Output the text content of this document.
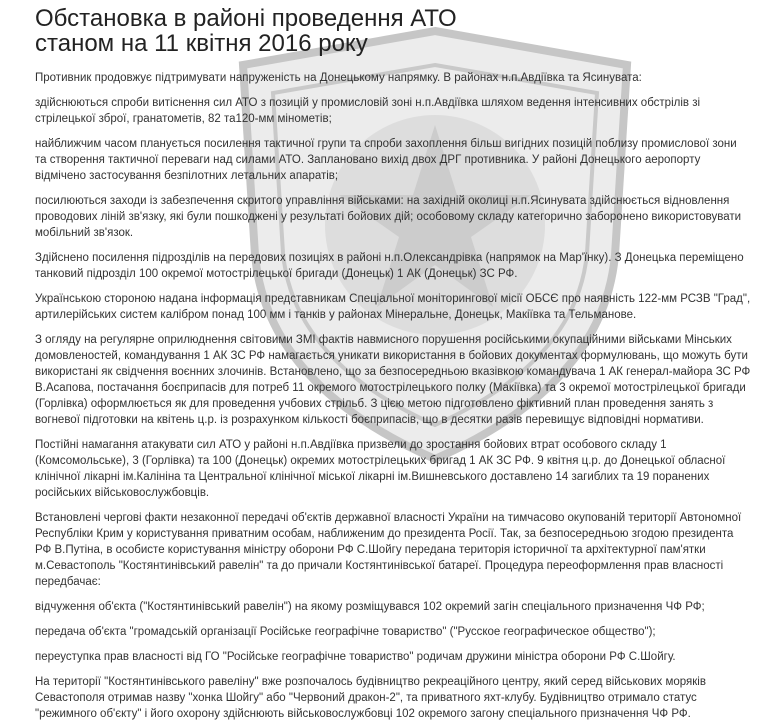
Обстановка в районі проведення АТО
станом на 11 квітня 2016 року

Противник продовжує підтримувати напруженість на Донецькому напрямку. В районах н.п.Авдіївка та Ясинувата:

здійснюються спроби витіснення сил АТО з позицій у промисловій зоні н.п.Авдіївка шляхом ведення інтенсивних обстрілів зі стрілецької зброї, гранатометів, 82 та120-мм мінометів;

найближчим часом планується посилення тактичної групи та спроби захоплення більш вигідних позицій поблизу промислової зони та створення тактичної переваги над силами АТО. Заплановано вихід двох ДРГ противника. У районі Донецького аеропорту відмічено застосування безпілотних летальних апаратів;

посилюються заходи із забезпечення скритого управління військами: на західній околиці н.п.Ясинувата здійснюється відновлення проводових ліній зв'язку, які були пошкоджені у результаті бойових дій; особовому складу категорично заборонено використовувати мобільний зв'язок.

Здійснено посилення підрозділів на передових позиціях в районі н.п.Олександрівка (напрямок на Мар'їнку). З Донецька переміщено танковий підрозділ 100 окремої мотострілецької бригади (Донецьк) 1 АК (Донецьк) ЗС РФ.

Українською стороною надана інформація представникам Спеціальної моніторингової місії ОБСЄ про наявність 122-мм РСЗВ "Град", артилерійських систем калібром понад 100 мм і танків у районах Мінеральне, Донецьк, Макіївка та Тельманове.

З огляду на регулярне оприлюднення світовими ЗМІ фактів навмисного порушення російськими окупаційними військами Мінських домовленостей, командування 1 АК ЗС РФ намагається уникати використання в бойових документах формулювань, що можуть бути використані як свідчення воєнних злочинів. Встановлено, що за безпосередньою вказівкою командувача 1 АК генерал-майора ЗС РФ В.Асапова, постачання боєприпасів для потреб 11 окремого мотострілецького полку (Макіївка) та 3 окремої мотострілецької бригади (Горлівка) оформлюється як для проведення учбових стрільб. З цією метою підготовлено фіктивний план проведення занять з вогневої підготовки на квітень ц.р. із розрахунком кількості боєприпасів, що в десятки разів перевищує відповідні нормативи.

Постійні намагання атакувати сил АТО у районі н.п.Авдіївка призвели до зростання бойових втрат особового складу 1 (Комсомольське), 3 (Горлівка) та 100 (Донецьк) окремих мотострілецьких бригад 1 АК ЗС РФ. 9 квітня ц.р. до Донецької обласної клінічної лікарні ім.Калініна та Центральної клінічної міської лікарні ім.Вишневського доставлено 14 загиблих та 19 поранених російських військовослужбовців.

Встановлені чергові факти незаконної передачі об'єктів державної власності України на тимчасово окупованій території Автономної Республіки Крим у користування приватним особам, наближеним до президента Росії. Так, за безпосередньою згодою президента РФ В.Путіна, в особисте користування міністру оборони РФ С.Шойгу передана територія історичної та архітектурної пам'ятки м.Севастополь "Костянтинівський равелін" та до причали Костянтинівської батареї. Процедура переоформлення прав власності передбачає:

відчуження об'єкта ("Костянтинівський равелін") на якому розміщувався 102 окремий загін спеціального призначення ЧФ РФ;

передача об'єкта "громадській організації Російське географічне товариство" ("Русское географическое общество");

переуступка прав власності від ГО "Російське географічне товариство" родичам дружини міністра оборони РФ С.Шойгу.

На території "Костянтинівського равеліну" вже розпочалось будівництво рекреаційного центру, який серед військових моряків Севастополя отримав назву "хонка Шойгу" або "Червоний дракон-2", та приватного яхт-клубу. Будівництво отримало статус "режимного об'єкту" і його охорону здійснюють військовослужбовці 102 окремого загону спеціального призначення ЧФ РФ.
